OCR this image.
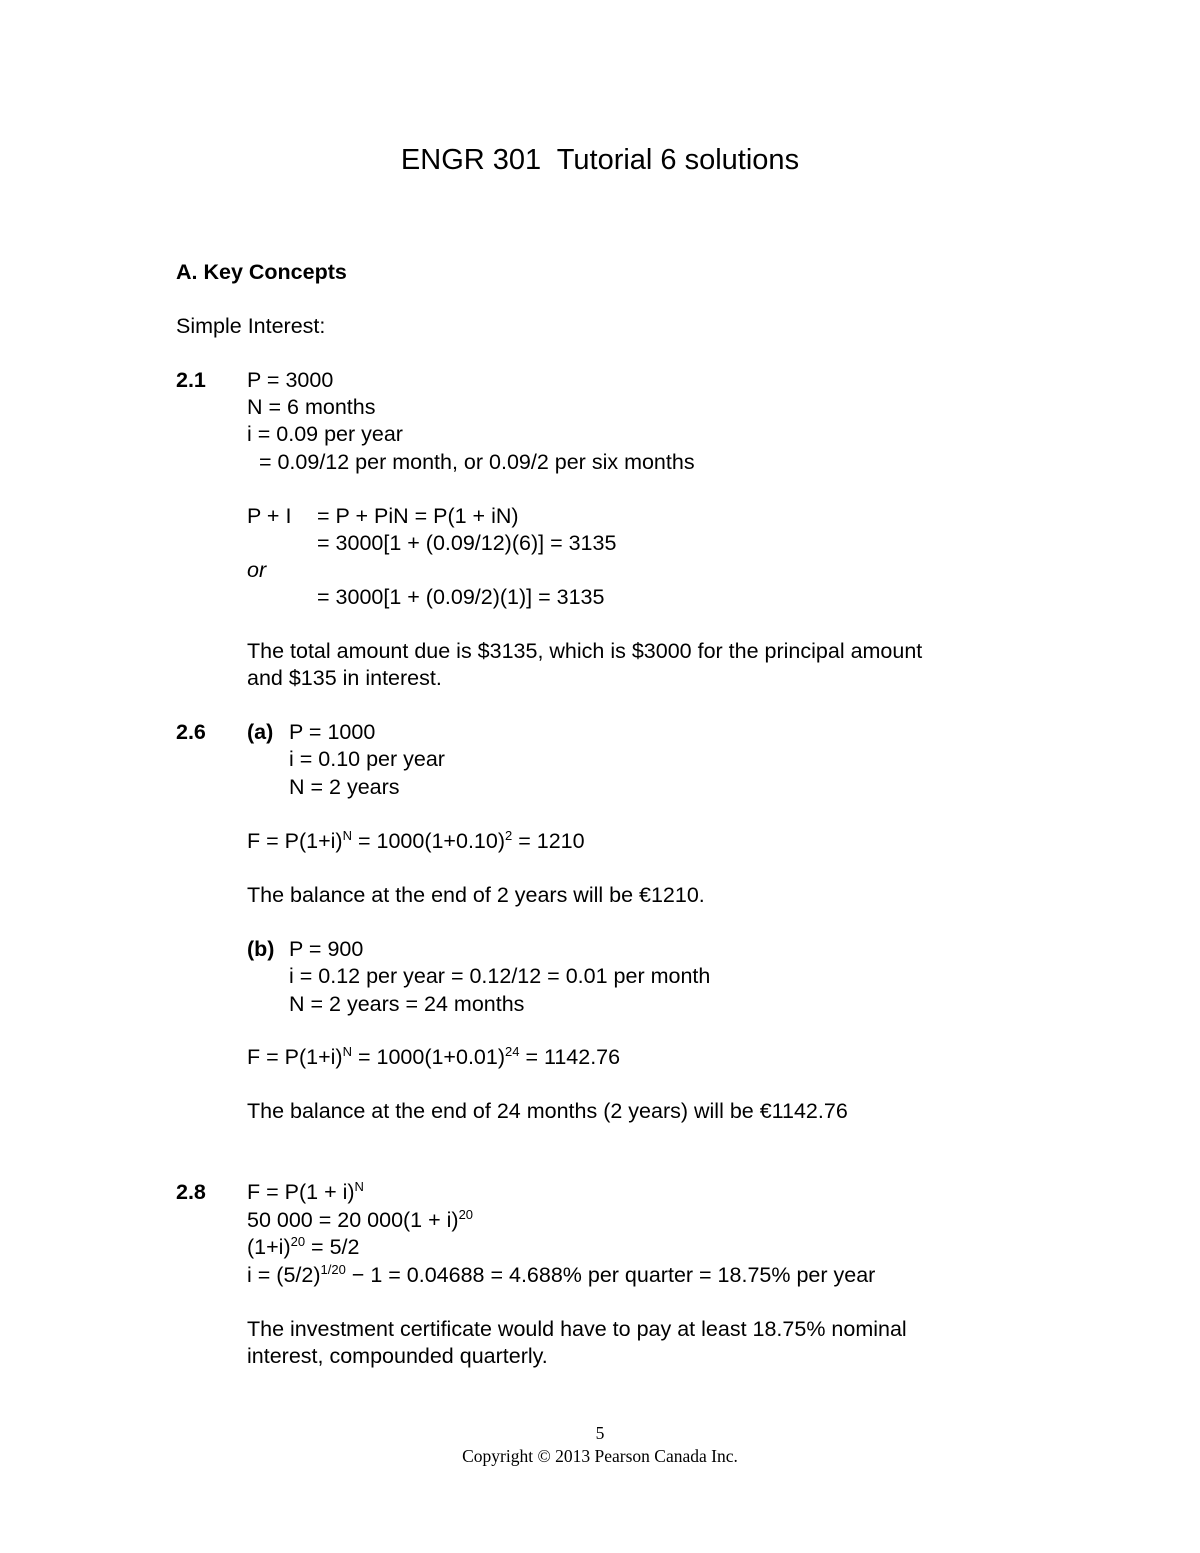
ENGR 301  Tutorial 6 solutions
A. Key Concepts
Simple Interest:
2.1 P = 3000
N = 6 months
i = 0.09 per year
= 0.09/12 per month, or 0.09/2 per six months
P + I = P + PiN = P(1 + iN)
= 3000[1 + (0.09/12)(6)] = 3135
or
= 3000[1 + (0.09/2)(1)] = 3135
The total amount due is $3135, which is $3000 for the principal amount
and $135 in interest.
2.6 (a) P = 1000
i = 0.10 per year
N = 2 years
$F = P(1+i)^N = 1000(1+0.10)^2 = 1210$
The balance at the end of 2 years will be €1210.
(b) P = 900
i = 0.12 per year = 0.12/12 = 0.01 per month
N = 2 years = 24 months
$F = P(1+i)^N = 1000(1+0.01)^{24} = 1142.76$
The balance at the end of 24 months (2 years) will be €1142.76
2.8 $F = P(1 + i)^N$
50 000 = 20 $000(1 + i)^{20}$
$(1+i)^{20} = 5/2$
$i = (5/2)^{1/20} - 1 = 0.04688 = 4.688\%$ per quarter = 18.75% per year
The investment certificate would have to pay at least 18.75% nominal
interest, compounded quarterly.
5
Copyright © 2013 Pearson Canada Inc.
